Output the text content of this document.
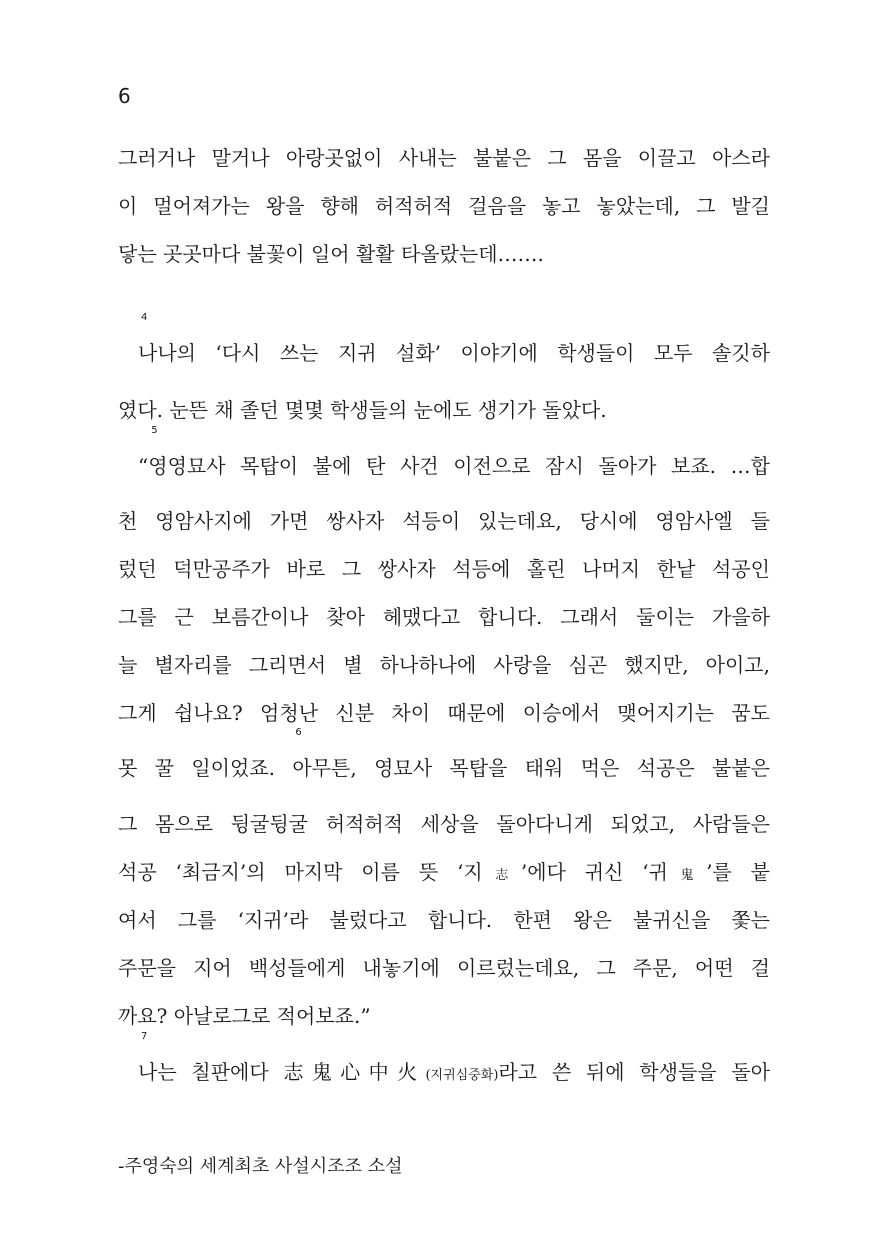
6
그러거나 말거나 아랑곳없이 사내는 불붙은 그 몸을 이끌고 아스라
이 멀어져가는 왕을 향해 허적허적 걸음을 놓고 놓았는데, 그 발길
닿는 곳곳마다 불꽃이 일어 활활 타올랐는데…….
4
나나의 ‘다시 쓰는 지귀 설화’ 이야기에 학생들이 모두 솔깃하
였다. 눈뜬 채 졸던 몇몇 학생들의 눈에도 생기가 돌았다.
“
5
영영묘사 목탑이 불에 탄 사건 이전으로 잠시 돌아가 보죠. …합
천 영암사지에 가면 쌍사자 석등이 있는데요, 당시에 영암사엘 들
렀던 덕만공주가 바로 그 쌍사자 석등에 홀린 나머지 한낱 석공인
그를 근 보름간이나 찾아 헤맸다고 합니다. 그래서 둘이는 가을하
늘 별자리를 그리면서 별 하나하나에 사랑을 심곤 했지만, 아이고,
그게 쉽나요? 엄청난 신분 차이 때문에 이승에서 맺어지기는 꿈도
못 꿀 일이었죠.
6
아무튼, 영묘사 목탑을 태워 먹은 석공은 불붙은
그 몸으로 뒹굴뒹굴 허적허적 세상을 돌아다니게 되었고, 사람들은
석공 ‘최금지’의 마지막 이름 뜻 ‘지志’에다 귀신 ‘귀鬼’를 붙
여서 그를 ‘지귀’라 불렀다고 합니다. 한편 왕은 불귀신을 쫓는
주문을 지어 백성들에게 내놓기에 이르렀는데요, 그 주문, 어떤 걸
까요? 아날로그로 적어보죠.”
7
나는 칠판에다 志鬼心中火(지귀심중화)라고 쓴 뒤에 학생들을 돌아
-주영숙의 세계최초 사설시조조 소설
